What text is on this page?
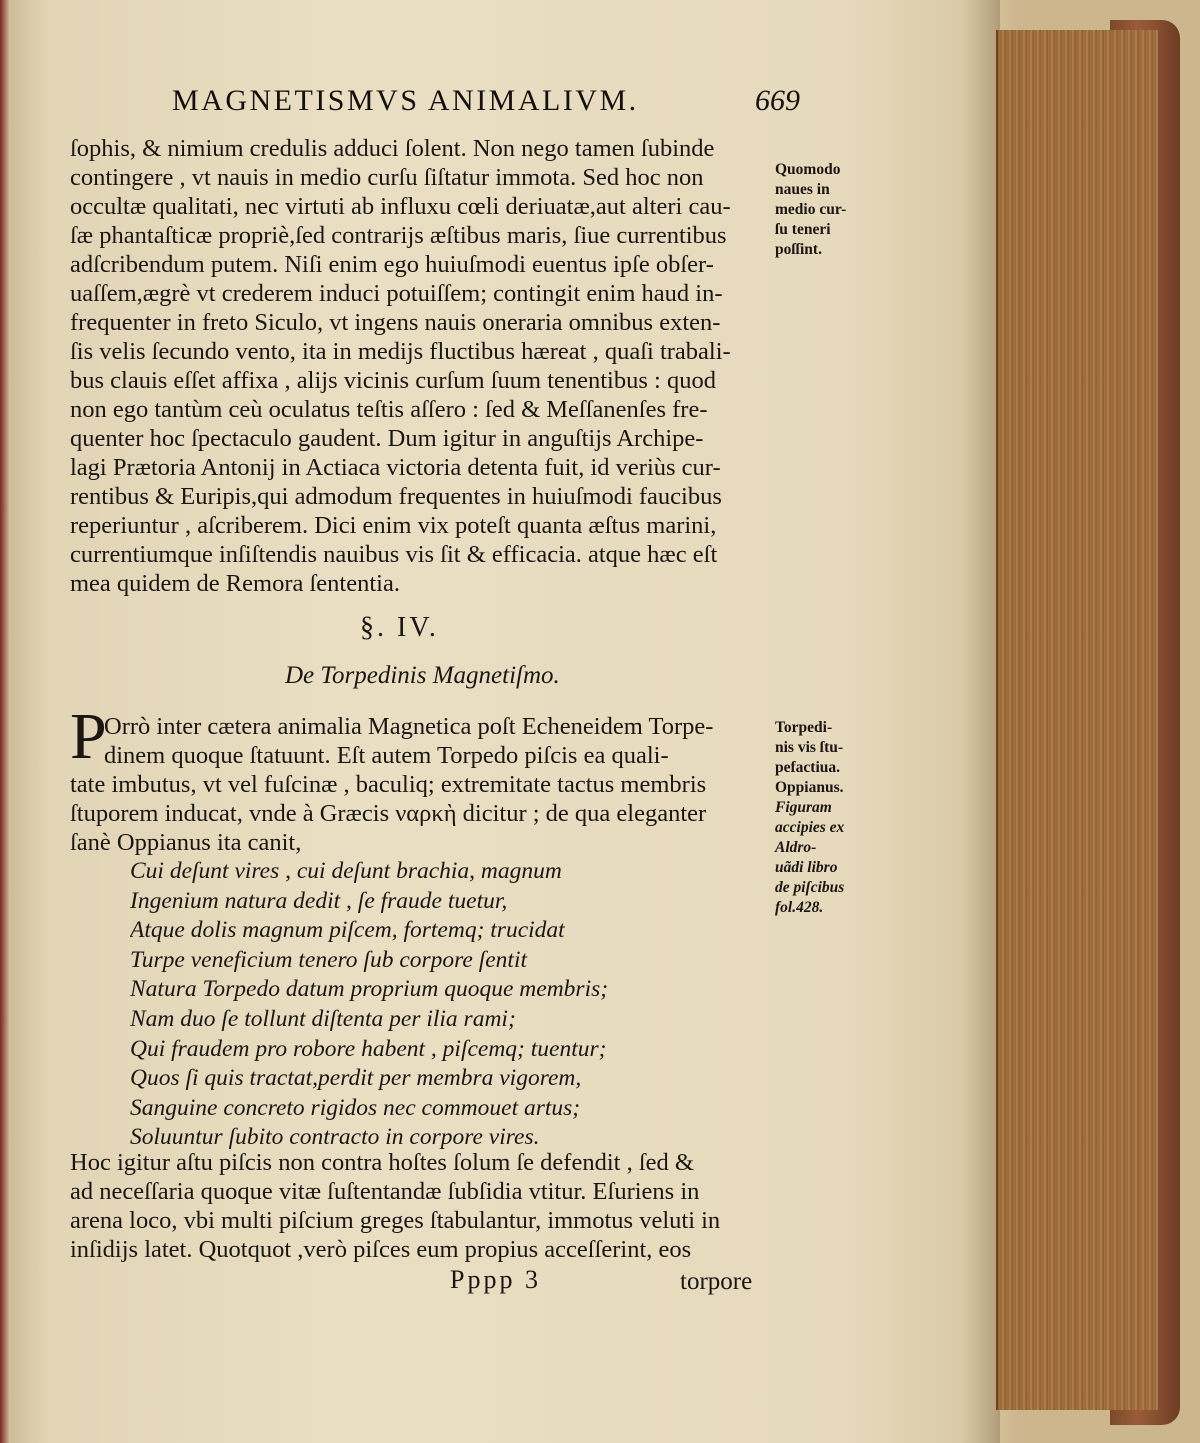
MAGNETISMVS ANIMALIVM.	669
ſophis, & nimium credulis adduci ſolent. Non nego tamen ſubinde
contingere , vt nauis in medio curſu ſiſtatur immota. Sed hoc non
occultæ qualitati, nec virtuti ab influxu cœli deriuatæ,aut alteri cau-
ſæ phantaſticæ propriè,ſed contrarijs æſtibus maris, ſiue currentibus
adſcribendum putem. Niſi enim ego huiuſmodi euentus ipſe obſer-
uaſſem,ægrè vt crederem induci potuiſſem; contingit enim haud in-
frequenter in freto Siculo, vt ingens nauis oneraria omnibus exten-
ſis velis ſecundo vento, ita in medijs fluctibus hæreat , quaſi trabali-
bus clauis eſſet affixa , alijs vicinis curſum ſuum tenentibus : quod
non ego tantùm ceù oculatus teſtis aſſero : ſed & Meſſanenſes fre-
quenter hoc ſpectaculo gaudent. Dum igitur in anguſtijs Archipe-
lagi Prætoria Antonij in Actiaca victoria detenta fuit, id veriùs cur-
rentibus & Euripis,qui admodum frequentes in huiuſmodi faucibus
reperiuntur , aſcriberem. Dici enim vix poteſt quanta æſtus marini,
currentiumque inſiſtendis nauibus vis ſit & efficacia. atque hæc eſt
mea quidem de Remora ſententia.
Quomodo
naues in
medio cur-
ſu teneri
poſſint.
§. IV.
De Torpedinis Magnetiſmo.
P
Orrò inter cætera animalia Magnetica poſt Echeneidem Torpe-
dinem quoque ſtatuunt. Eſt autem Torpedo piſcis ea quali-
tate imbutus, vt vel fuſcinæ , baculiq; extremitate tactus membris
ſtuporem inducat, vnde à Græcis ναρκὴ dicitur ; de qua eleganter
ſanè Oppianus ita canit,
Torpedi-
nis vis ſtu-
pefactiua.
Oppianus.
Figuram
accipies ex
Aldro-
uãdi libro
de piſcibus
fol.428.
Cui deſunt vires , cui deſunt brachia, magnum
Ingenium natura dedit , ſe fraude tuetur,
Atque dolis magnum piſcem, fortemq; trucidat
Turpe veneficium tenero ſub corpore ſentit
Natura Torpedo datum proprium quoque membris;
Nam duo ſe tollunt diſtenta per ilia rami;
Qui fraudem pro robore habent , piſcemq; tuentur;
Quos ſi quis tractat,perdit per membra vigorem,
Sanguine concreto rigidos nec commouet artus;
Soluuntur ſubito contracto in corpore vires.
Hoc igitur aſtu piſcis non contra hoſtes ſolum ſe defendit , ſed &
ad neceſſaria quoque vitæ ſuſtentandæ ſubſidia vtitur. Eſuriens in
arena loco, vbi multi piſcium greges ſtabulantur, immotus veluti in
inſidijs latet. Quotquot ,verò piſces eum propius acceſſerint, eos
Pppp 3	torpore
